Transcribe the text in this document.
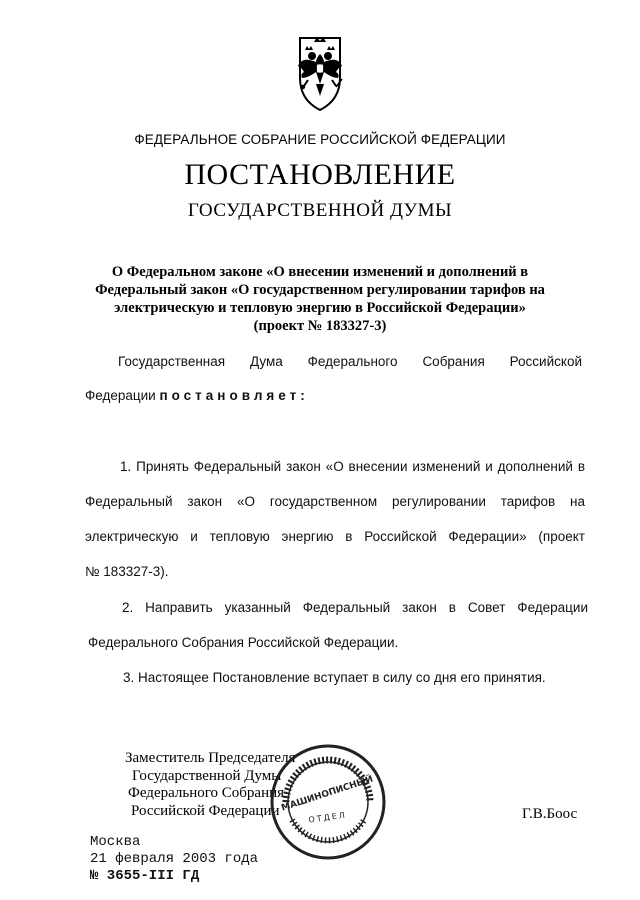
ФЕДЕРАЛЬНОЕ СОБРАНИЕ РОССИЙСКОЙ ФЕДЕРАЦИИ
ПОСТАНОВЛЕНИЕ
ГОСУДАРСТВЕННОЙ ДУМЫ
О Федеральном законе «О внесении изменений и дополнений в
Федеральный закон «О государственном регулировании тарифов на
электрическую и тепловую энергию в Российской Федерации»
(проект № 183327-3)
Государственная Дума Федерального Собрания Российской
Федерации постановляет:
1. Принять Федеральный закон «О внесении изменений и дополнений в
Федеральный закон «О государственном регулировании тарифов на
электрическую и тепловую энергию в Российской Федерации» (проект
№ 183327-3).
2. Направить указанный Федеральный закон в Совет Федерации
Федерального Собрания Российской Федерации.
3. Настоящее Постановление вступает в силу со дня его принятия.
Заместитель Председателя
Государственной Думы
Федерального Собрания
Российской Федерации МАШИНОПИСНЫЙ
ОТДЕЛ	Г.В.Боос
Москва
21 февраля 2003 года
№ 3655-III ГД
